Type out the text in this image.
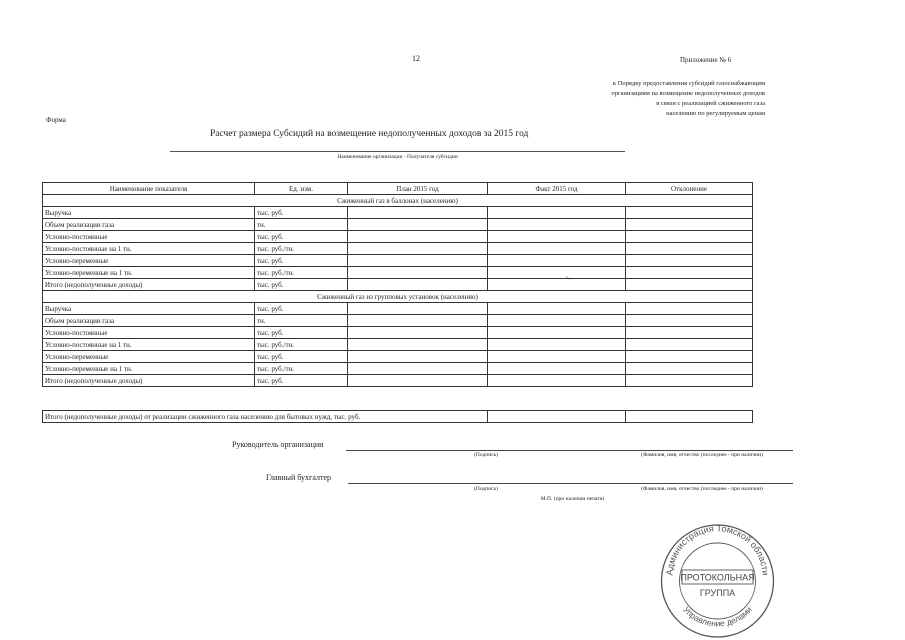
12	Приложение № 6
к Порядку предоставления субсидий газоснабжающим
организациям на возмещение недополученных доходов
в связи с реализацией сжиженного газа
населению по регулируемым ценам
Форма
Расчет размера Субсидий на возмещение недополученных доходов за 2015 год
Наименование организации - Получателя субсидии
Наименование показателя	Ед. изм.	План 2015 год	Факт 2015 год	Отклонение
Сжиженный газ в баллонах (населению)				
Выручка	тыс. руб.			
Объем реализации газа	тн.			
Условно-постоянные	тыс. руб.			
Условно-постоянные на 1 тн.	тыс. руб./тн.			
Условно-переменные	тыс. руб.			
Условно-переменные на 1 тн.	тыс. руб./тн.			
Итого (недополученные доходы)	тыс. руб.			
Сжиженный газ из групповых установок (населению)				
Выручка	тыс. руб.			
Объем реализации газа	тн.			
Условно-постоянные	тыс. руб.			
Условно-постоянные на 1 тн.	тыс. руб./тн.			
Условно-переменные	тыс. руб.			
Условно-переменные на 1 тн.	тыс. руб./тн.			
Итого (недополученные доходы)	тыс. руб.			
Итого (недополученные доходы) от реализации сжиженного газа населению для бытовых нужд, тыс. руб.		
\
Руководитель организации
(Подпись)	(Фамилия, имя, отчество (последнее - при наличии)
Главный бухгалтер
(Подпись)	(Фамилия, имя, отчество (последнее - при наличии)
М.П. (при наличии печати)
Администрация Томской области
Управление делами
ПРОТОКОЛЬНАЯ
ГРУППА
